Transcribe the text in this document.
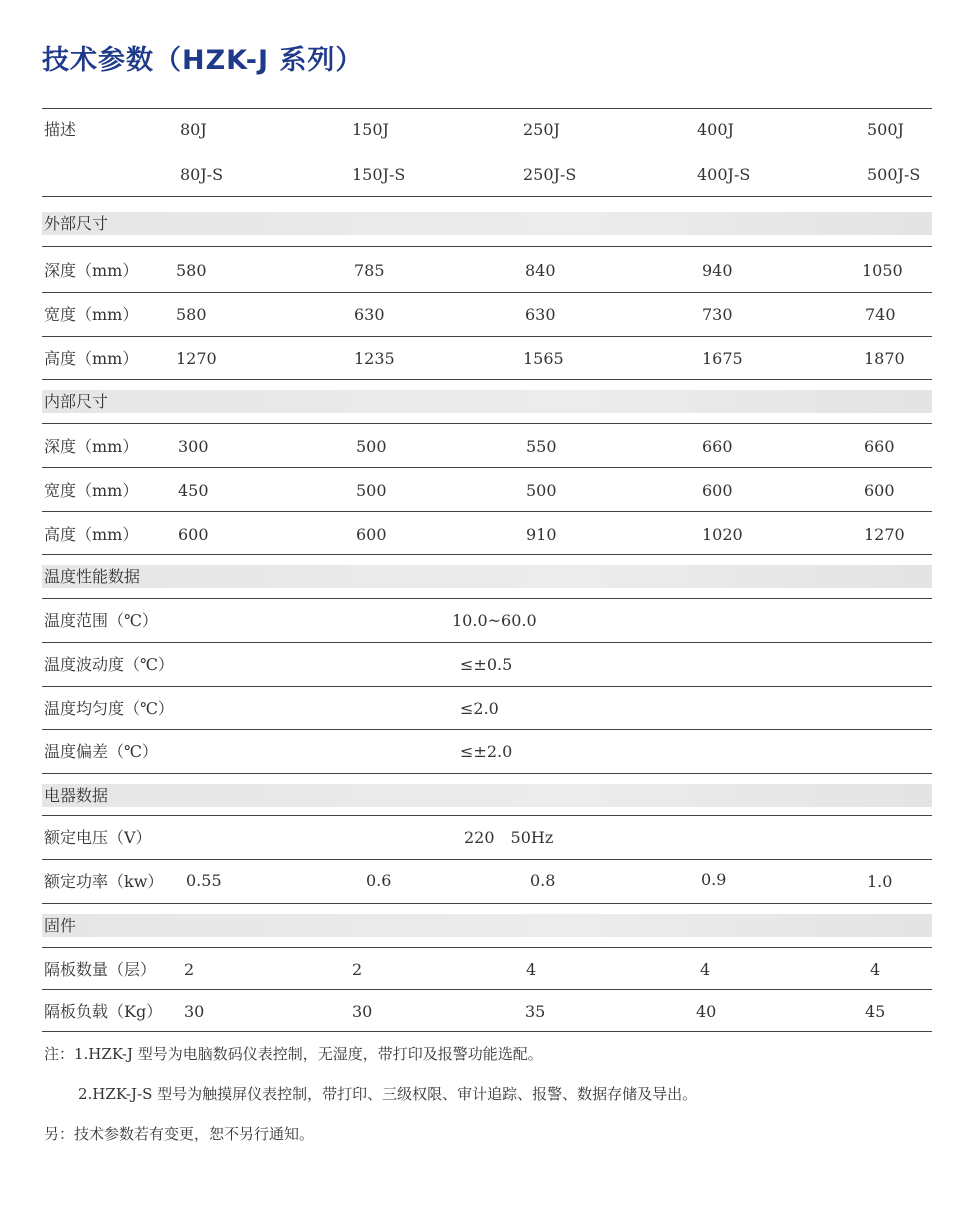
技术参数（HZK-J 系列）
描述	80J	150J	250J	400J	500J
80J-S	150J-S	250J-S	400J-S	500J-S
外部尺寸
深度（mm） 580	785	840	940	1050
宽度（mm） 580	630	630	730	740
高度（mm） 1270	1235	1565	1675	1870
内部尺寸
深度（mm） 300	500	550	660	660
宽度（mm） 450	500	500	600	600
高度（mm） 600	600	910	1020	1270
温度性能数据
温度范围（℃）	10.0~60.0
温度波动度（℃）	≤±0.5
温度均匀度（℃）	≤2.0
温度偏差（℃）	≤±2.0
电器数据
额定电压（V）	220　50Hz
额定功率（kw） 0.55	0.6	0.8	0.9	1.0
固件
隔板数量（层） 2	2	4	4	4
隔板负载（Kg） 30	30	35	40	45
注：1.HZK-J 型号为电脑数码仪表控制，无湿度，带打印及报警功能选配。
2.HZK-J-S 型号为触摸屏仪表控制，带打印、三级权限、审计追踪、报警、数据存储及导出。
另：技术参数若有变更，恕不另行通知。
